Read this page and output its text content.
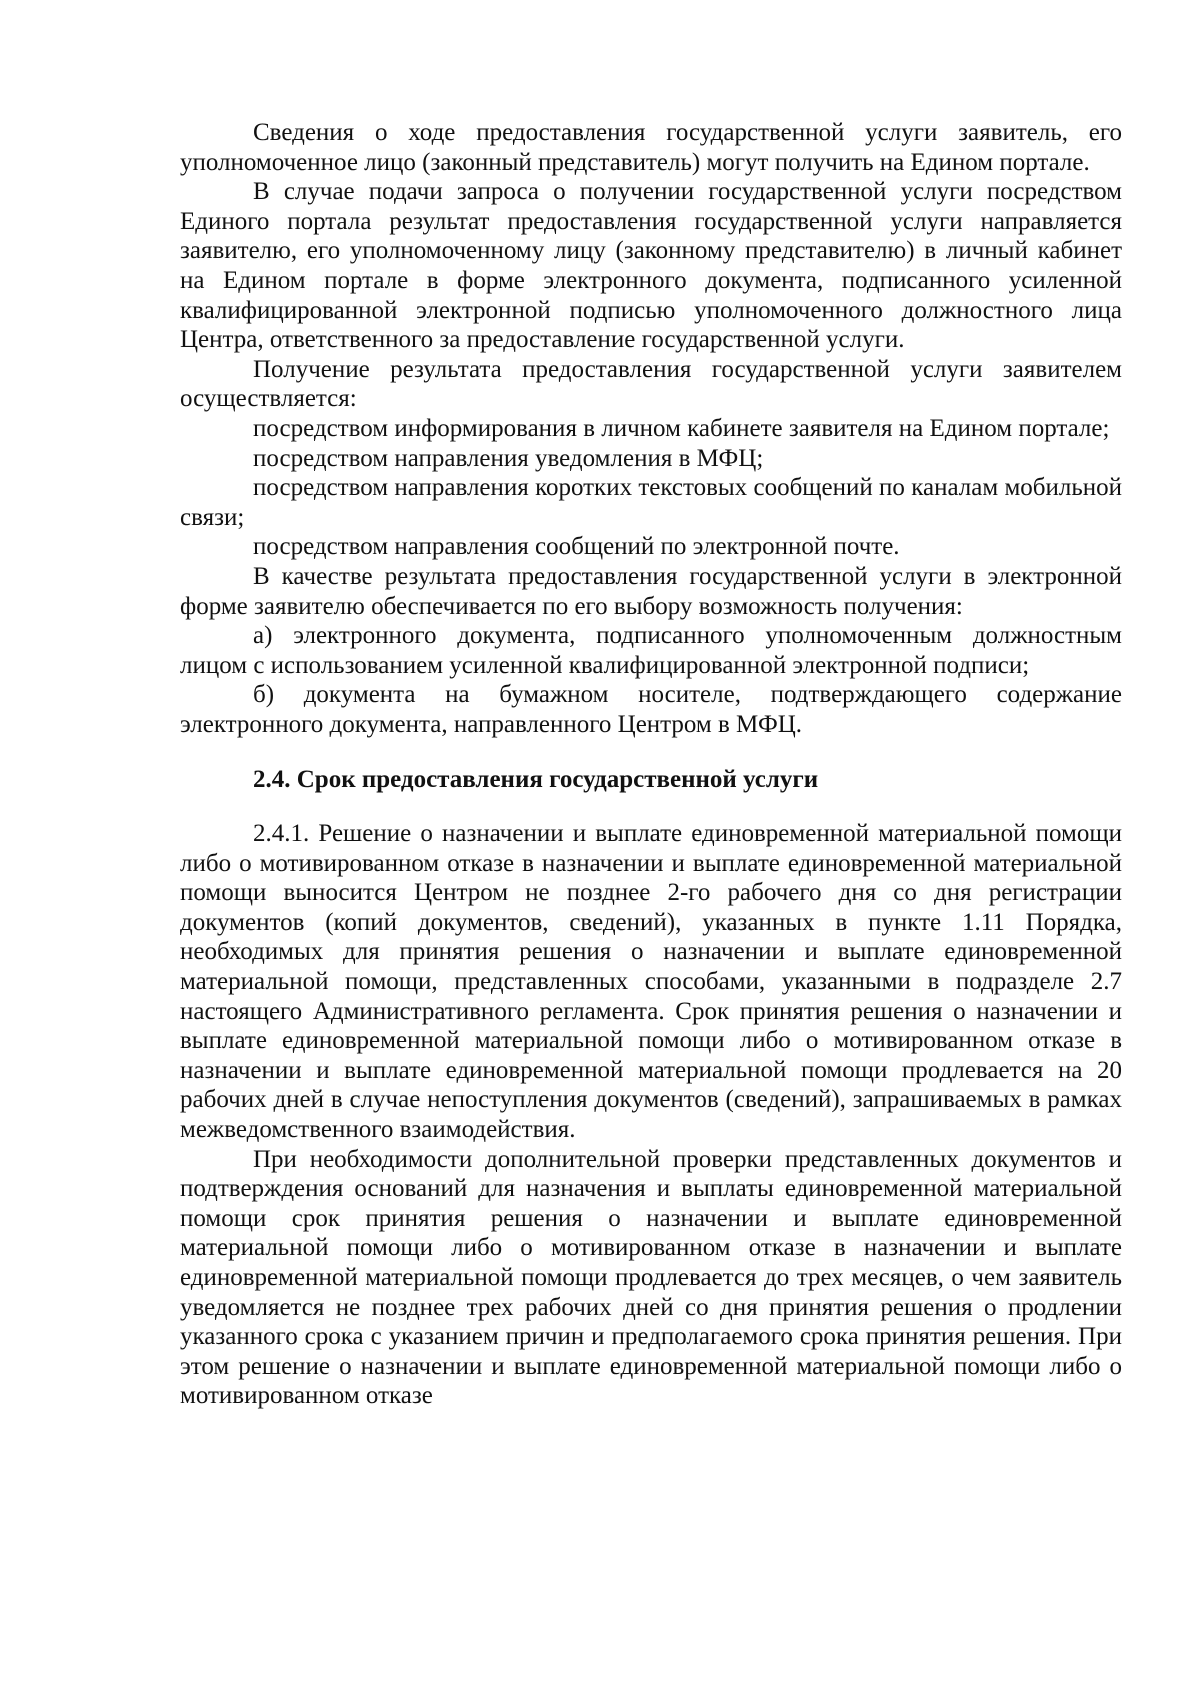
Сведения о ходе предоставления государственной услуги заявитель, его уполномоченное лицо (законный представитель) могут получить на Едином портале.

В случае подачи запроса о получении государственной услуги посредством Единого портала результат предоставления государственной услуги направляется заявителю, его уполномоченному лицу (законному представителю) в личный кабинет на Едином портале в форме электронного документа, подписанного усиленной квалифицированной электронной подписью уполномоченного должностного лица Центра, ответственного за предоставление государственной услуги.

Получение результата предоставления государственной услуги заявителем осуществляется:

посредством информирования в личном кабинете заявителя на Едином портале;

посредством направления уведомления в МФЦ;

посредством направления коротких текстовых сообщений по каналам мобильной связи;

посредством направления сообщений по электронной почте.

В качестве результата предоставления государственной услуги в электронной форме заявителю обеспечивается по его выбору возможность получения:

а) электронного документа, подписанного уполномоченным должностным лицом с использованием усиленной квалифицированной электронной подписи;

б) документа на бумажном носителе, подтверждающего содержание электронного документа, направленного Центром в МФЦ.

2.4. Срок предоставления государственной услуги

2.4.1. Решение о назначении и выплате единовременной материальной помощи либо о мотивированном отказе в назначении и выплате единовременной материальной помощи выносится Центром не позднее 2-го рабочего дня со дня регистрации документов (копий документов, сведений), указанных в пункте 1.11 Порядка, необходимых для принятия решения о назначении и выплате единовременной материальной помощи, представленных способами, указанными в подразделе 2.7 настоящего Административного регламента. Срок принятия решения о назначении и выплате единовременной материальной помощи либо о мотивированном отказе в назначении и выплате единовременной материальной помощи продлевается на 20 рабочих дней в случае непоступления документов (сведений), запрашиваемых в рамках межведомственного взаимодействия.

При необходимости дополнительной проверки представленных документов и подтверждения оснований для назначения и выплаты единовременной материальной помощи срок принятия решения о назначении и выплате единовременной материальной помощи либо о мотивированном отказе в назначении и выплате единовременной материальной помощи продлевается до трех месяцев, о чем заявитель уведомляется не позднее трех рабочих дней со дня принятия решения о продлении указанного срока с указанием причин и предполагаемого срока принятия решения. При этом решение о назначении и выплате единовременной материальной помощи либо о мотивированном отказе
